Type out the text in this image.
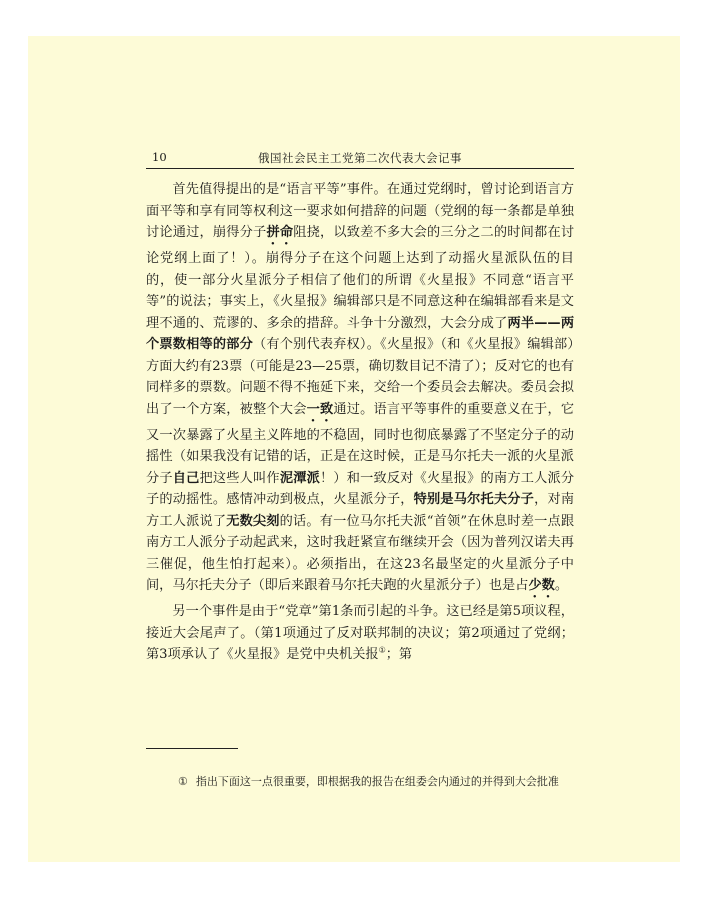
10	俄国社会民主工党第二次代表大会记事

首先值得提出的是“语言平等”事件。在通过党纲时，曾讨论到语言方面平等和享有同等权利这一要求如何措辞的问题（党纲的每一条都是单独讨论通过，崩得分子拼命阻挠，以致差不多大会的三分之二的时间都在讨论党纲上面了！）。崩得分子在这个问题上达到了动摇火星派队伍的目的，使一部分火星派分子相信了他们的所谓《火星报》不同意“语言平等”的说法；事实上，《火星报》编辑部只是不同意这种在编辑部看来是文理不通的、荒谬的、多余的措辞。斗争十分激烈，大会分成了两半——两个票数相等的部分（有个别代表弃权）。《火星报》（和《火星报》编辑部）方面大约有23票（可能是23—25票，确切数目记不清了）；反对它的也有同样多的票数。问题不得不拖延下来，交给一个委员会去解决。委员会拟出了一个方案，被整个大会一致通过。语言平等事件的重要意义在于，它又一次暴露了火星主义阵地的不稳固，同时也彻底暴露了不坚定分子的动摇性（如果我没有记错的话，正是在这时候，正是马尔托夫一派的火星派分子自己把这些人叫作泥潭派！）和一致反对《火星报》的南方工人派分子的动摇性。感情冲动到极点，火星派分子，特别是马尔托夫分子，对南方工人派说了无数尖刻的话。有一位马尔托夫派“首领”在休息时差一点跟南方工人派分子动起武来，这时我赶紧宣布继续开会（因为普列汉诺夫再三催促，他生怕打起来）。必须指出，在这23名最坚定的火星派分子中间，马尔托夫分子（即后来跟着马尔托夫跑的火星派分子）也是占少数。

另一个事件是由于“党章”第1条而引起的斗争。这已经是第5项议程，接近大会尾声了。（第1项通过了反对联邦制的决议；第2项通过了党纲；第3项承认了《火星报》是党中央机关报①；第

① 指出下面这一点很重要，即根据我的报告在组委会内通过的并得到大会批准
